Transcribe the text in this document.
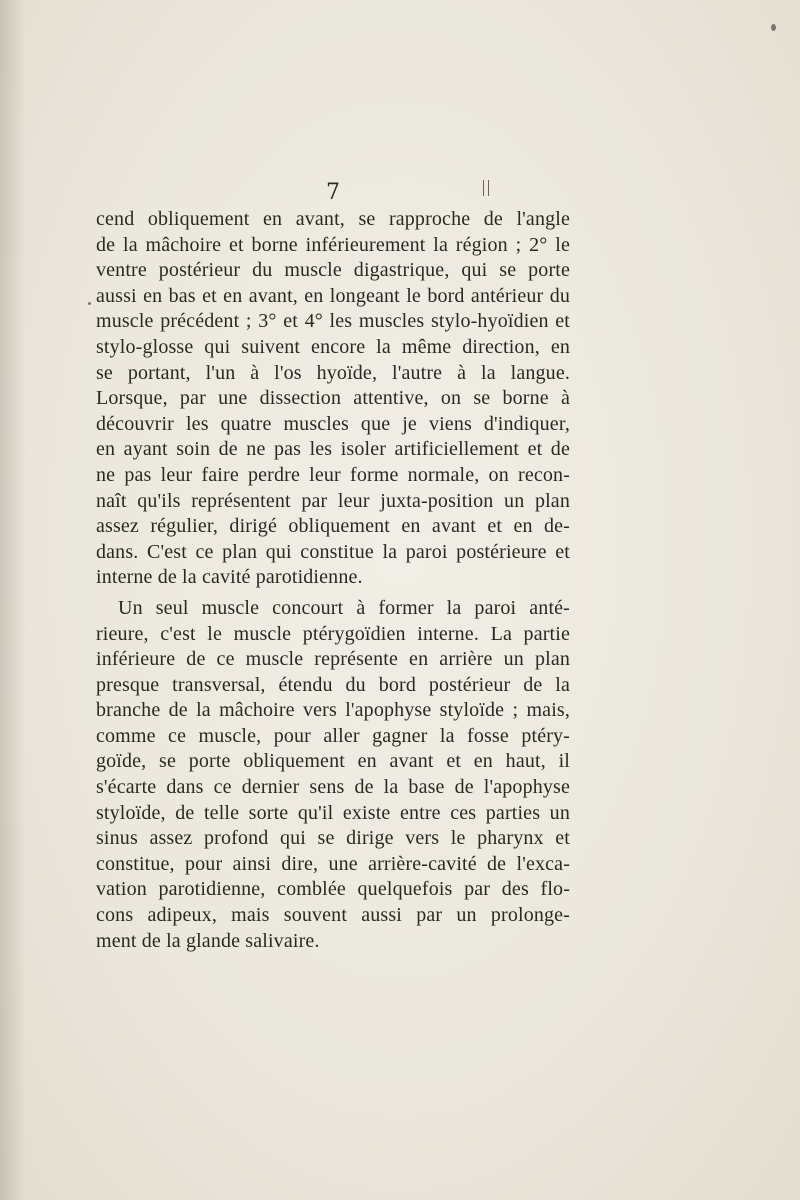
7
cend obliquement en avant, se rapproche de l'angle
de la mâchoire et borne inférieurement la région ; 2° le
ventre postérieur du muscle digastrique, qui se porte
aussi en bas et en avant, en longeant le bord antérieur du
muscle précédent ; 3° et 4° les muscles stylo-hyoïdien et
stylo-glosse qui suivent encore la même direction, en
se portant, l'un à l'os hyoïde, l'autre à la langue.
Lorsque, par une dissection attentive, on se borne à
découvrir les quatre muscles que je viens d'indiquer,
en ayant soin de ne pas les isoler artificiellement et de
ne pas leur faire perdre leur forme normale, on recon-
naît qu'ils représentent par leur juxta-position un plan
assez régulier, dirigé obliquement en avant et en de-
dans. C'est ce plan qui constitue la paroi postérieure et
interne de la cavité parotidienne.
Un seul muscle concourt à former la paroi anté-
rieure, c'est le muscle ptérygoïdien interne. La partie
inférieure de ce muscle représente en arrière un plan
presque transversal, étendu du bord postérieur de la
branche de la mâchoire vers l'apophyse styloïde ; mais,
comme ce muscle, pour aller gagner la fosse ptéry-
goïde, se porte obliquement en avant et en haut, il
s'écarte dans ce dernier sens de la base de l'apophyse
styloïde, de telle sorte qu'il existe entre ces parties un
sinus assez profond qui se dirige vers le pharynx et
constitue, pour ainsi dire, une arrière-cavité de l'exca-
vation parotidienne, comblée quelquefois par des flo-
cons adipeux, mais souvent aussi par un prolonge-
ment de la glande salivaire.
